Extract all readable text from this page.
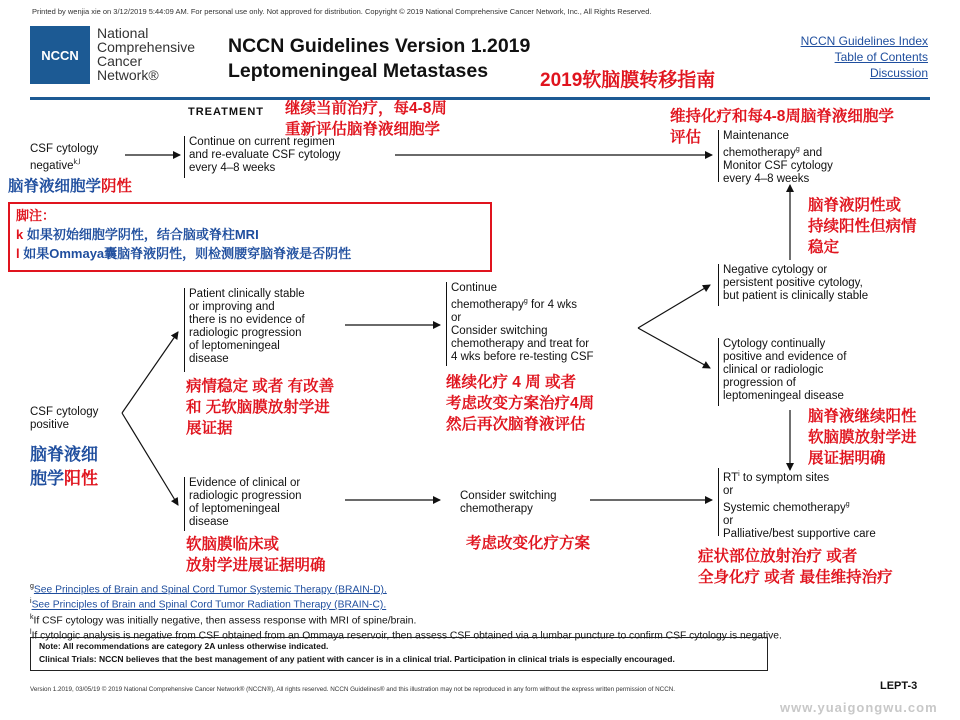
Printed by wenjia xie on 3/12/2019 5:44:09 AM. For personal use only. Not approved for distribution. Copyright © 2019 National Comprehensive Cancer Network, Inc., All Rights Reserved.
NCCN
National
Comprehensive
Cancer
Network®
NCCN Guidelines Version 1.2019
Leptomeningeal Metastases	2019软脑膜转移指南
NCCN Guidelines Index
Table of Contents
Discussion
TREATMENT
CSF cytology
negative$^{k,l}$
脑脊液细胞学阴性
继续当前治疗，每4-8周
重新评估脑脊液细胞学
Continue on current regimen
and re-evaluate CSF cytology
every 4–8 weeks
维持化疗和每4-8周脑脊液细胞学
评估	Maintenance
chemotherapy$^g$ and
Monitor CSF cytology
every 4–8 weeks
脚注：
k 如果初始细胞学阴性，结合脑或脊柱MRI
l 如果Ommaya囊脑脊液阴性，则检测腰穿脑脊液是否阴性
CSF cytology
positive
脑脊液细
胞学阳性
Patient clinically stable
or improving and
there is no evidence of
radiologic progression
of leptomeningeal
disease
病情稳定 或者 有改善
和 无软脑膜放射学进
展证据
Continue
chemotherapy$^g$ for 4 wks
or
Consider switching
chemotherapy and treat for
4 wks before re-testing CSF
继续化疗 4 周 或者
考虑改变方案治疗4周
然后再次脑脊液评估
脑脊液阴性或
持续阳性但病情
稳定
Negative cytology or
persistent positive cytology,
but patient is clinically stable
Cytology continually
positive and evidence of
clinical or radiologic
progression of
leptomeningeal disease
脑脊液继续阳性
软脑膜放射学进
展证据明确
Evidence of clinical or
radiologic progression
of leptomeningeal
disease
软脑膜临床或
放射学进展证据明确
Consider switching
chemotherapy
考虑改变化疗方案
$RT^i$ to symptom sites
or
Systemic chemotherapy$^g$
or
Palliative/best supportive care
症状部位放射治疗 或者
全身化疗 或者 最佳维持治疗
$^g$See Principles of Brain and Spinal Cord Tumor Systemic Therapy (BRAIN-D).
$^i$See Principles of Brain and Spinal Cord Tumor Radiation Therapy (BRAIN-C).
$^k$If CSF cytology was initially negative, then assess response with MRI of spine/brain.
$^l$If cytologic analysis is negative from CSF obtained from an Ommaya reservoir, then assess CSF obtained via a lumbar puncture to confirm CSF cytology is negative.
Note: All recommendations are category 2A unless otherwise indicated.
Clinical Trials: NCCN believes that the best management of any patient with cancer is in a clinical trial. Participation in clinical trials is especially encouraged.
Version 1.2019, 03/05/19 © 2019 National Comprehensive Cancer Network® (NCCN®), All rights reserved. NCCN Guidelines® and this illustration may not be reproduced in any form without the express written permission of NCCN.	LEPT-3
www.yuaigongwu.com
